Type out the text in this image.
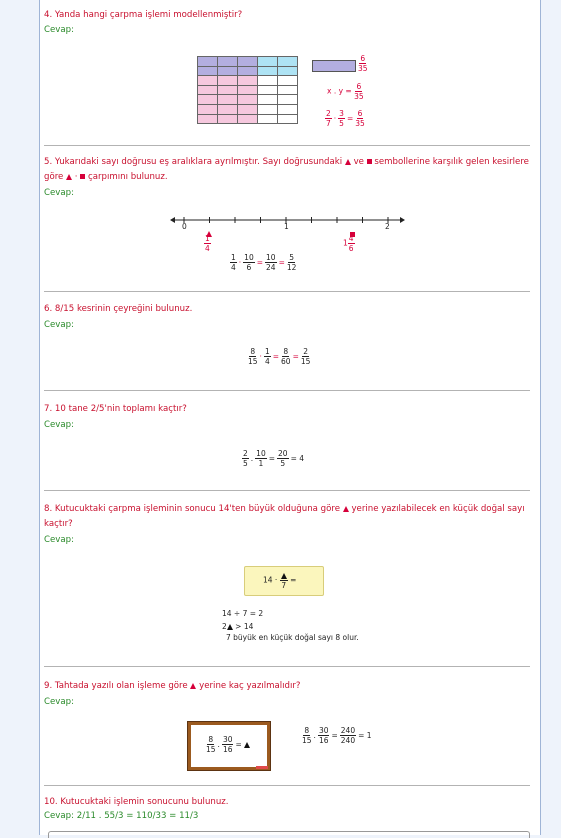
4. Yanda hangi çarpma işlemi modellenmiştir?
Cevap:

$\frac{6}{35}$
x . $y = \frac{6}{35}$
$\frac{2}{7} \cdot \frac{3}{5} = \frac{6}{35}$
5. Yukarıdaki sayı doğrusu eş aralıklara ayrılmıştır. Sayı doğrusundaki  ve  sembollerine karşılık gelen kesirlere göre  ·  çarpımını bulunuz.
Cevap:
0	1	2
$\frac{1}{4}$	$1 \frac{4}{6}$
$\frac{1}{4} \cdot \frac{10}{6} = \frac{10}{24} = \frac{5}{12}$
6. 8/15 kesrinin çeyreğini bulunuz.
Cevap:
$\frac{8}{15} \cdot \frac{1}{4} = \frac{8}{60} = \frac{2}{15}$
7. 10 tane 2/5'nin toplamı kaçtır?
Cevap:
$\frac{2}{5}$ . $\frac{10}{1} = \frac{20}{5} = 4$
8. Kutucuktaki çarpma işleminin sonucu 14'ten büyük olduğuna göre  yerine yazılabilecek en küçük doğal sayı kaçtır?
Cevap:
14 ·
7
=
14 ÷ 7 = 2
2 > 14
7 büyük en küçük doğal sayı 8 olur.
9. Tahtada yazılı olan işleme göre  yerine kaç yazılmalıdır?
Cevap:
$\frac{8}{15}$ . $\frac{30}{16}$ =	$\frac{8}{15}$ . $\frac{30}{16} = \frac{240}{240} = 1$
10. Kutucuktaki işlemin sonucunu bulunuz.
Cevap: 2/11 . 55/3 = 110/33 = 11/3
